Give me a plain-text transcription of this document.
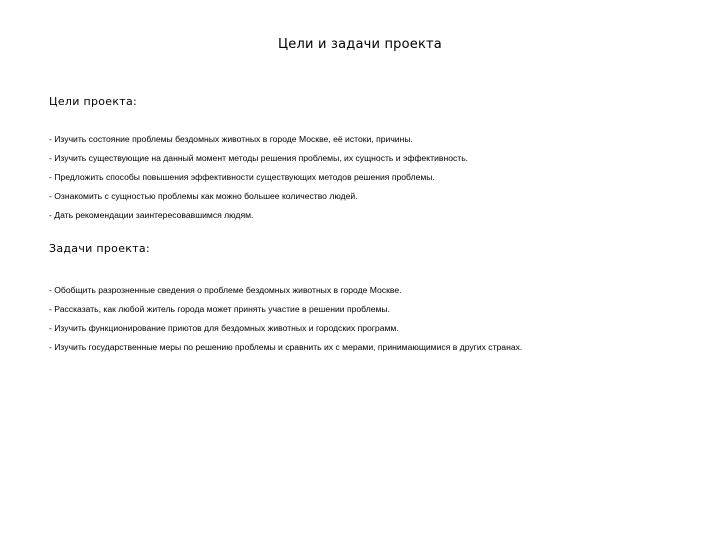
Цели и задачи проекта
Цели проекта:
- Изучить состояние проблемы бездомных животных в городе Москве, её истоки, причины.
- Изучить существующие на данный момент методы решения проблемы, их сущность и эффективность.
- Предложить способы повышения эффективности существующих методов решения проблемы.
- Ознакомить с сущностью проблемы как можно большее количество людей.
- Дать рекомендации заинтересовавшимся людям.
Задачи проекта:
- Обобщить разрозненные сведения о проблеме бездомных животных в городе Москве.
- Рассказать, как любой житель города может принять участие в решении проблемы.
- Изучить функционирование приютов для бездомных животных и городских программ.
- Изучить государственные меры по решению проблемы и сравнить их с мерами, принимающимися в других странах.
